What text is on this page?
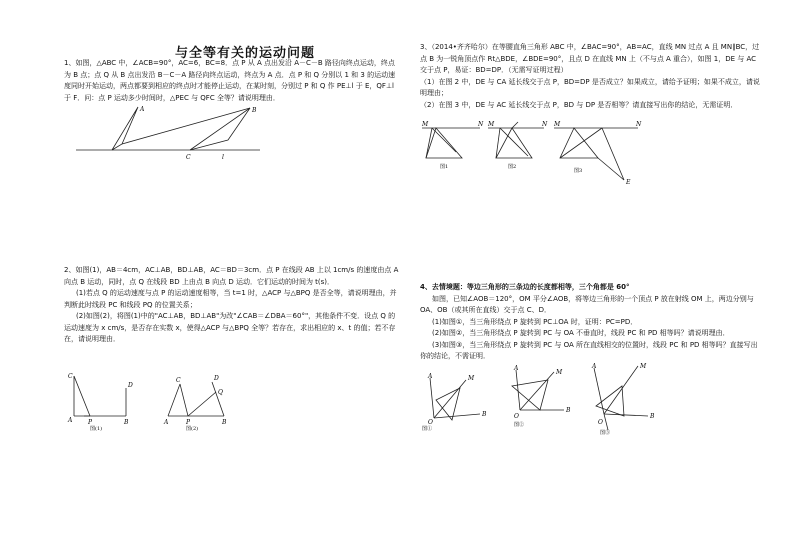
与全等有关的运动问题

1、如图，△ABC 中，∠ACB=90°，AC=6，BC=8．点 P 从 A 点出发沿 A－C－B 路径向终点运动，终点为 B 点；点 Q 从 B 点出发沿 B－C－A 路径向终点运动，终点为 A 点．点 P 和 Q 分别以 1 和 3 的运动速度同时开始运动，两点都要到相应的终点时才能停止运动，在某时刻，分别过 P 和 Q 作 PE⊥l 于 E，QF⊥l 于 F．问：点 P 运动多少时间时，△PEC 与 QFC 全等？请说明理由．

A	B
C	l

2、如图(1)，AB＝4cm，AC⊥AB，BD⊥AB，AC＝BD＝3cm．点 P 在线段 AB 上以 1cm/s 的速度由点 A 向点 B 运动，同时，点 Q 在线段 BD 上由点 B 向点 D 运动．它们运动的时间为 t(s)．

(1)若点 Q 的运动速度与点 P 的运动速度相等，当 t=1 时，△ACP 与△BPQ 是否全等，请说明理由，并判断此时线段 PC 和线段 PQ 的位置关系；

(2)如图(2)，将图(1)中的"AC⊥AB，BD⊥AB"为改"∠CAB＝∠DBA＝60°"，其他条件不变．设点 Q 的运动速度为 x cm/s，是否存在实数 x，使得△ACP 与△BPQ 全等？若存在，求出相应的 x、t 的值；若不存在，请说明理由．

C
A	P	B
D
图(1)
C
A	P	B
D
Q
图(2)

3、（2014•齐齐哈尔）在等腰直角三角形 ABC 中，∠BAC=90°，AB=AC，直线 MN 过点 A 且 MN∥BC，过点 B 为一锐角顶点作 Rt△BDE，∠BDE=90°，且点 D 在直线 MN 上（不与点 A 重合），如图 1，DE 与 AC 交于点 P，易证：BD=DP．（无需写证明过程）

（1）在图 2 中，DE 与 CA 延长线交于点 P，BD=DP 是否成立？如果成立，请给予证明；如果不成立，请说明理由；

（2）在图 3 中，DE 与 AC 延长线交于点 P，BD 与 DP 是否相等？请直接写出你的结论，无需证明．

M	N
图1
M	N
图2
M	N
E
图3

4、去情境题：等边三角形的三条边的长度都相等，三个角都是 60°

如图，已知∠AOB＝120°，OM 平分∠AOB，将等边三角形的一个顶点 P 放在射线 OM 上，两边分别与 OA、OB（或其所在直线）交于点 C、D．

(1)如图①，当三角形绕点 P 旋转到 PC⊥OA 时，证明：PC=PD．

(2)如图②，当三角形绕点 P 旋转到 PC 与 OA 不垂直时，线段 PC 和 PD 相等吗？请说明理由．

(3)如图③，当三角形绕点 P 旋转到 PC 与 OA 所在直线相交的位置时，线段 PC 和 PD 相等吗？直接写出你的结论，不需证明．

A
B
O
M
图①
A
B
O
M
图②
A
B
O
M
图③
